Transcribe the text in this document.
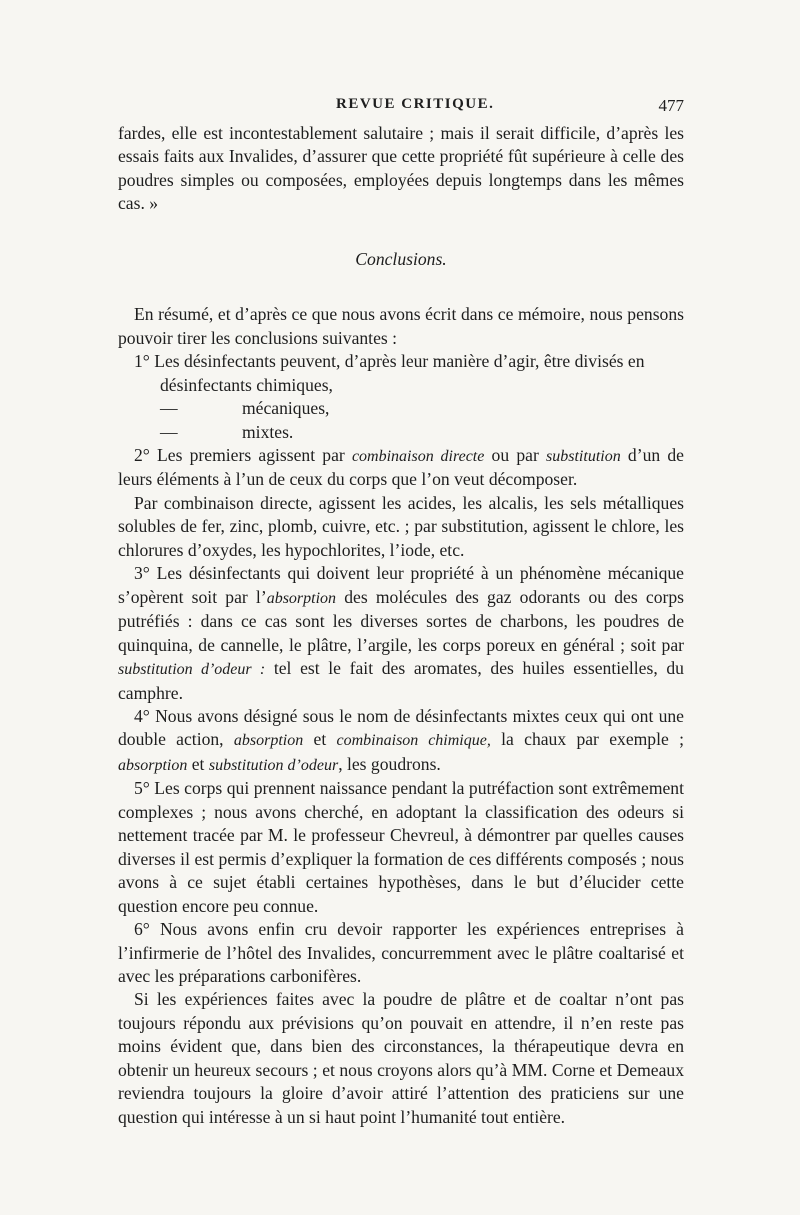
REVUE CRITIQUE.	477

fardes, elle est incontestablement salutaire ; mais il serait difficile, d’après les essais faits aux Invalides, d’assurer que cette propriété fût supérieure à celle des poudres simples ou composées, employées depuis longtemps dans les mêmes cas. »

Conclusions.

En résumé, et d’après ce que nous avons écrit dans ce mémoire, nous pensons pouvoir tirer les conclusions suivantes :

1° Les désinfectants peuvent, d’après leur manière d’agir, être divisés en

désinfectants chimiques,

—	mécaniques,

—	mixtes.

2° Les premiers agissent par combinaison directe ou par substitution d’un de leurs éléments à l’un de ceux du corps que l’on veut décomposer.

Par combinaison directe, agissent les acides, les alcalis, les sels métalliques solubles de fer, zinc, plomb, cuivre, etc. ; par substitution, agissent le chlore, les chlorures d’oxydes, les hypochlorites, l’iode, etc.

3° Les désinfectants qui doivent leur propriété à un phénomène mécanique s’opèrent soit par l’absorption des molécules des gaz odorants ou des corps putréfiés : dans ce cas sont les diverses sortes de charbons, les poudres de quinquina, de cannelle, le plâtre, l’argile, les corps poreux en général ; soit par substitution d’odeur : tel est le fait des aromates, des huiles essentielles, du camphre.

4° Nous avons désigné sous le nom de désinfectants mixtes ceux qui ont une double action, absorption et combinaison chimique, la chaux par exemple ; absorption et substitution d’odeur, les goudrons.

5° Les corps qui prennent naissance pendant la putréfaction sont extrêmement complexes ; nous avons cherché, en adoptant la classification des odeurs si nettement tracée par M. le professeur Chevreul, à démontrer par quelles causes diverses il est permis d’expliquer la formation de ces différents composés ; nous avons à ce sujet établi certaines hypothèses, dans le but d’élucider cette question encore peu connue.

6° Nous avons enfin cru devoir rapporter les expériences entreprises à l’infirmerie de l’hôtel des Invalides, concurremment avec le plâtre coaltarisé et avec les préparations carbonifères.

Si les expériences faites avec la poudre de plâtre et de coaltar n’ont pas toujours répondu aux prévisions qu’on pouvait en attendre, il n’en reste pas moins évident que, dans bien des circonstances, la thérapeutique devra en obtenir un heureux secours ; et nous croyons alors qu’à MM. Corne et Demeaux reviendra toujours la gloire d’avoir attiré l’attention des praticiens sur une question qui intéresse à un si haut point l’humanité tout entière.
